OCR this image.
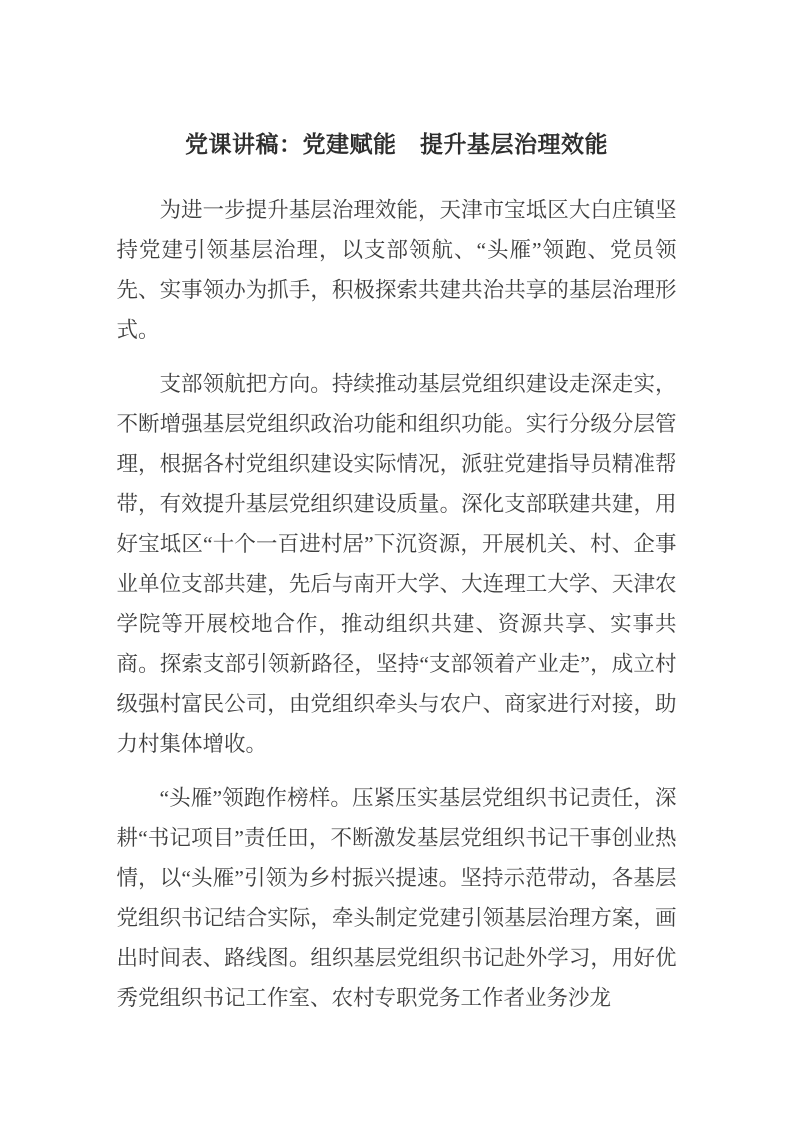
党课讲稿：党建赋能　提升基层治理效能

为进一步提升基层治理效能，天津市宝坻区大白庄镇坚持党建引领基层治理，以支部领航、“头雁”领跑、党员领先、实事领办为抓手，积极探索共建共治共享的基层治理形式。

支部领航把方向。持续推动基层党组织建设走深走实，不断增强基层党组织政治功能和组织功能。实行分级分层管理，根据各村党组织建设实际情况，派驻党建指导员精准帮带，有效提升基层党组织建设质量。深化支部联建共建，用好宝坻区“十个一百进村居”下沉资源，开展机关、村、企事业单位支部共建，先后与南开大学、大连理工大学、天津农学院等开展校地合作，推动组织共建、资源共享、实事共商。探索支部引领新路径，坚持“支部领着产业走”，成立村级强村富民公司，由党组织牵头与农户、商家进行对接，助力村集体增收。

“头雁”领跑作榜样。压紧压实基层党组织书记责任，深耕“书记项目”责任田，不断激发基层党组织书记干事创业热情，以“头雁”引领为乡村振兴提速。坚持示范带动，各基层党组织书记结合实际，牵头制定党建引领基层治理方案，画出时间表、路线图。组织基层党组织书记赴外学习，用好优秀党组织书记工作室、农村专职党务工作者业务沙龙
